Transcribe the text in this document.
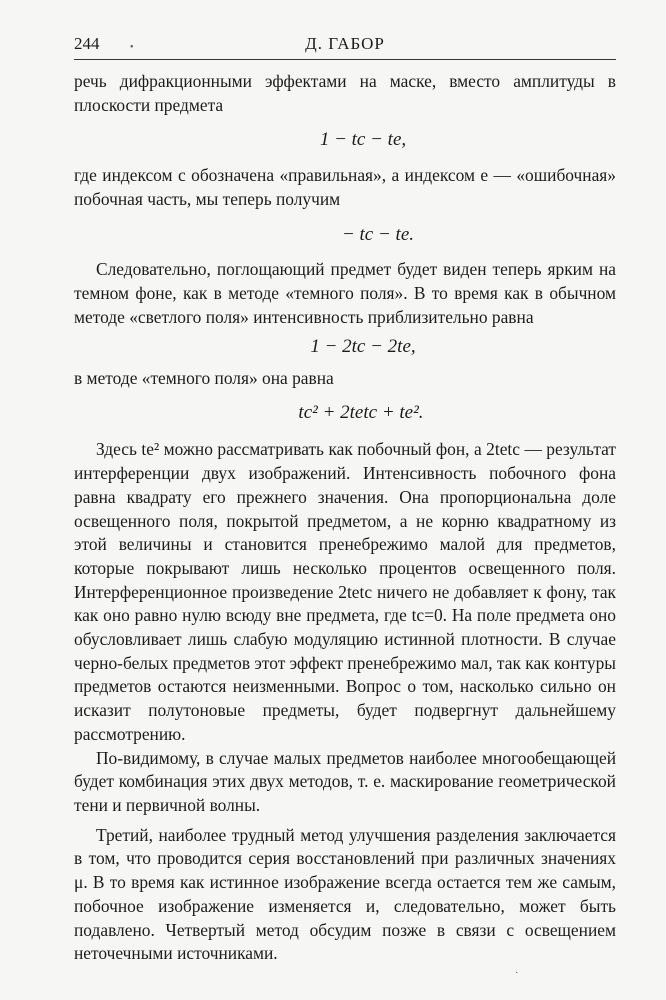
244	Д. ГАБОР

речь дифракционными эффектами на маске, вместо амплитуды в плоскости предмета

1 − tc − te,

где индексом c обозначена «правильная», а индексом e — «ошибочная» побочная часть, мы теперь получим

− tc − te.

Следовательно, поглощающий предмет будет виден теперь ярким на темном фоне, как в методе «темного поля». В то время как в обычном методе «светлого поля» интенсивность приблизительно равна

1 − 2tc − 2te,

в методе «темного поля» она равна

tc² + 2tetc + te².

Здесь te² можно рассматривать как побочный фон, а 2tetc — результат интерференции двух изображений. Интенсивность побочного фона равна квадрату его прежнего значения. Она пропорциональна доле освещенного поля, покрытой предметом, а не корню квадратному из этой величины и становится пренебрежимо малой для предметов, которые покрывают лишь несколько процентов освещенного поля. Интерференционное произведение 2tetc ничего не добавляет к фону, так как оно равно нулю всюду вне предмета, где tc=0. На поле предмета оно обусловливает лишь слабую модуляцию истинной плотности. В случае черно-белых предметов этот эффект пренебрежимо мал, так как контуры предметов остаются неизменными. Вопрос о том, насколько сильно он исказит полутоновые предметы, будет подвергнут дальнейшему рассмотрению.

По-видимому, в случае малых предметов наиболее многообещающей будет комбинация этих двух методов, т. е. маскирование геометрической тени и первичной волны.

Третий, наиболее трудный метод улучшения разделения заключается в том, что проводится серия восстановлений при различных значениях μ. В то время как истинное изображение всегда остается тем же самым, побочное изображение изменяется и, следовательно, может быть подавлено. Четвертый метод обсудим позже в связи с освещением неточечными источниками.

•
·
